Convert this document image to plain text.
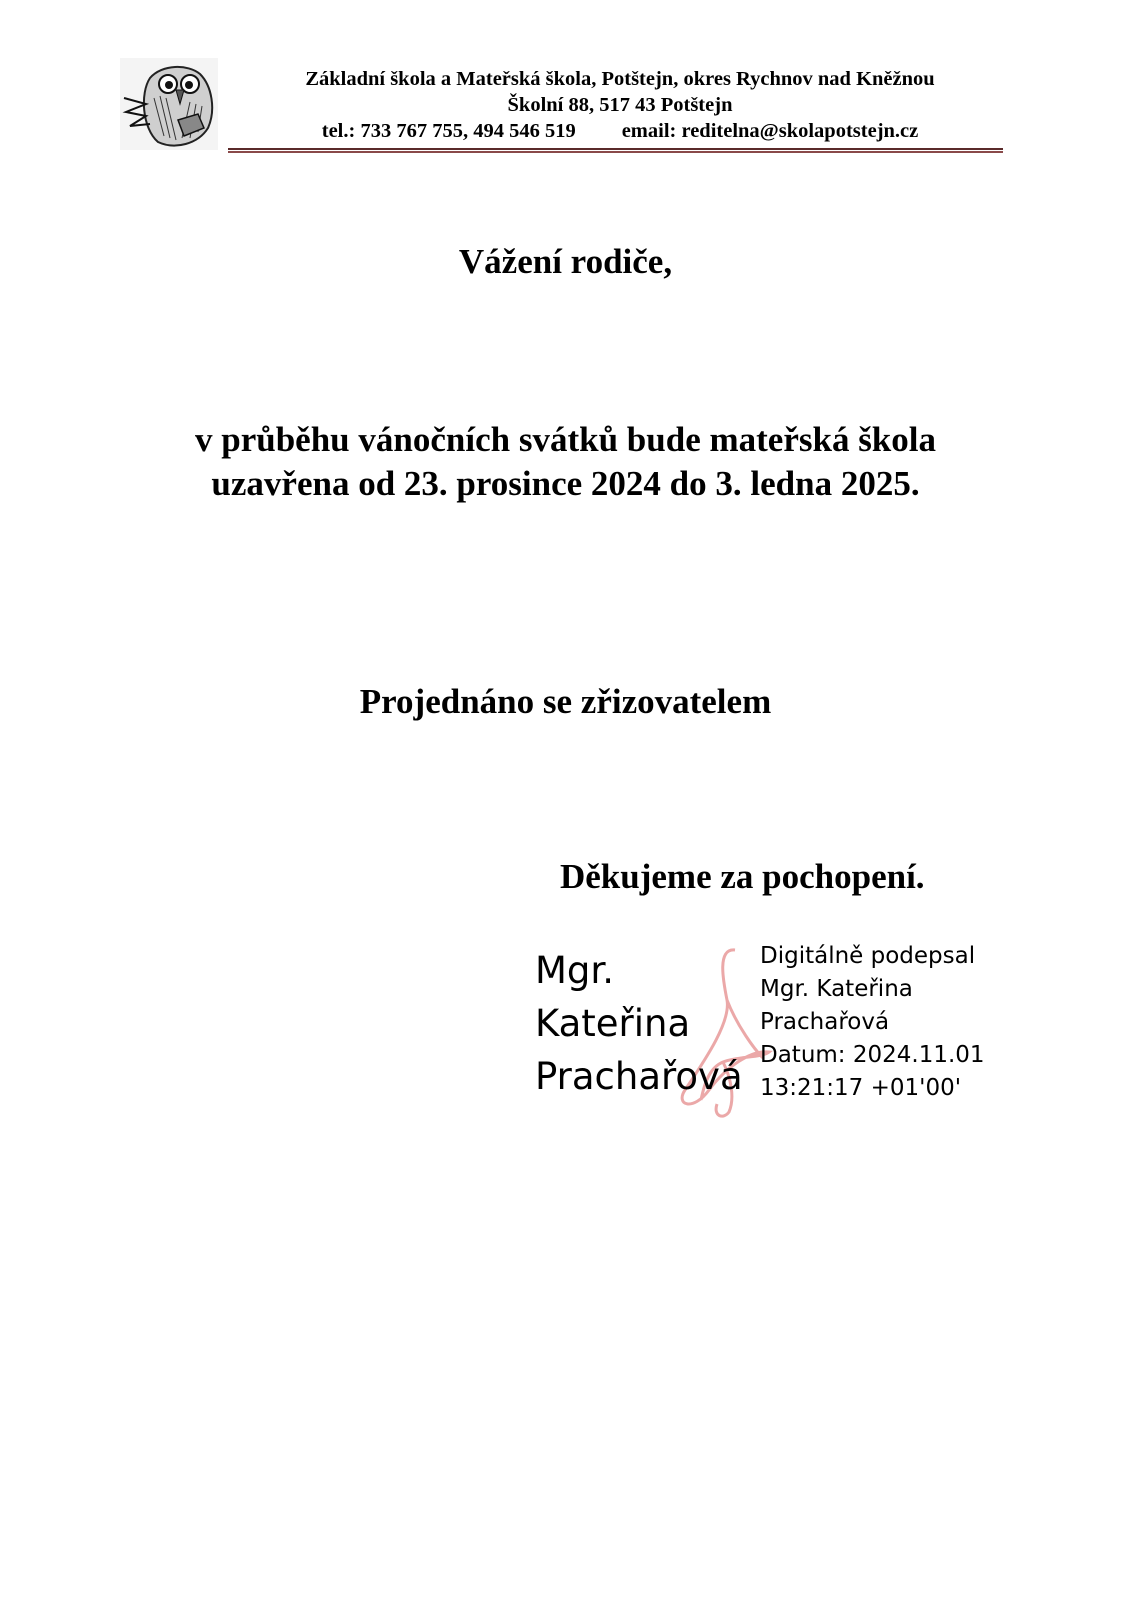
Základní škola a Mateřská škola, Potštejn, okres Rychnov nad Kněžnou
Školní 88, 517 43 Potštejn
tel.: 733 767 755, 494 546 519 email: reditelna@skolapotstejn.cz
Vážení rodiče,
v průběhu vánočních svátků bude mateřská škola
uzavřena od 23. prosince 2024 do 3. ledna 2025.
Projednáno se zřizovatelem
Děkujeme za pochopení.
Mgr.
Kateřina
Prachařová
Digitálně podepsal
Mgr. Kateřina
Prachařová
Datum: 2024.11.01
13:21:17 +01'00'
